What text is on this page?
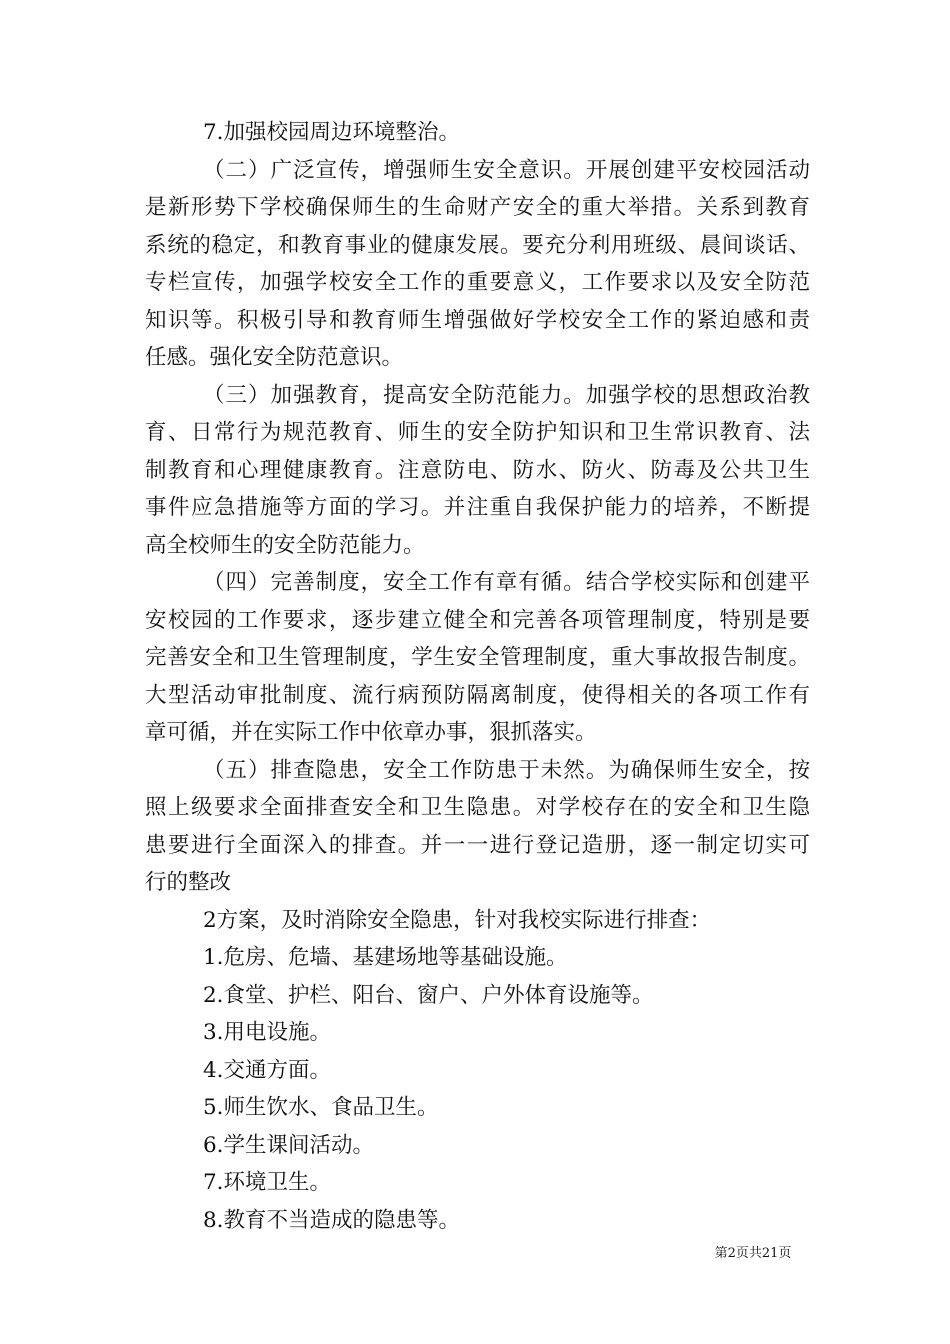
7.加强校园周边环境整治。
（二）广泛宣传，增强师生安全意识。开展创建平安校园活动
是新形势下学校确保师生的生命财产安全的重大举措。关系到教育
系统的稳定，和教育事业的健康发展。要充分利用班级、晨间谈话、
专栏宣传，加强学校安全工作的重要意义，工作要求以及安全防范
知识等。积极引导和教育师生增强做好学校安全工作的紧迫感和责
任感。强化安全防范意识。
（三）加强教育，提高安全防范能力。加强学校的思想政治教
育、日常行为规范教育、师生的安全防护知识和卫生常识教育、法
制教育和心理健康教育。注意防电、防水、防火、防毒及公共卫生
事件应急措施等方面的学习。并注重自我保护能力的培养，不断提
高全校师生的安全防范能力。
（四）完善制度，安全工作有章有循。结合学校实际和创建平
安校园的工作要求，逐步建立健全和完善各项管理制度，特别是要
完善安全和卫生管理制度，学生安全管理制度，重大事故报告制度。
大型活动审批制度、流行病预防隔离制度，使得相关的各项工作有
章可循，并在实际工作中依章办事，狠抓落实。
（五）排查隐患，安全工作防患于未然。为确保师生安全，按
照上级要求全面排查安全和卫生隐患。对学校存在的安全和卫生隐
患要进行全面深入的排查。并一一进行登记造册，逐一制定切实可
行的整改
2方案，及时消除安全隐患，针对我校实际进行排查：
1.危房、危墙、基建场地等基础设施。
2.食堂、护栏、阳台、窗户、户外体育设施等。
3.用电设施。
4.交通方面。
5.师生饮水、食品卫生。
6.学生课间活动。
7.环境卫生。
8.教育不当造成的隐患等。
第2页共21页
